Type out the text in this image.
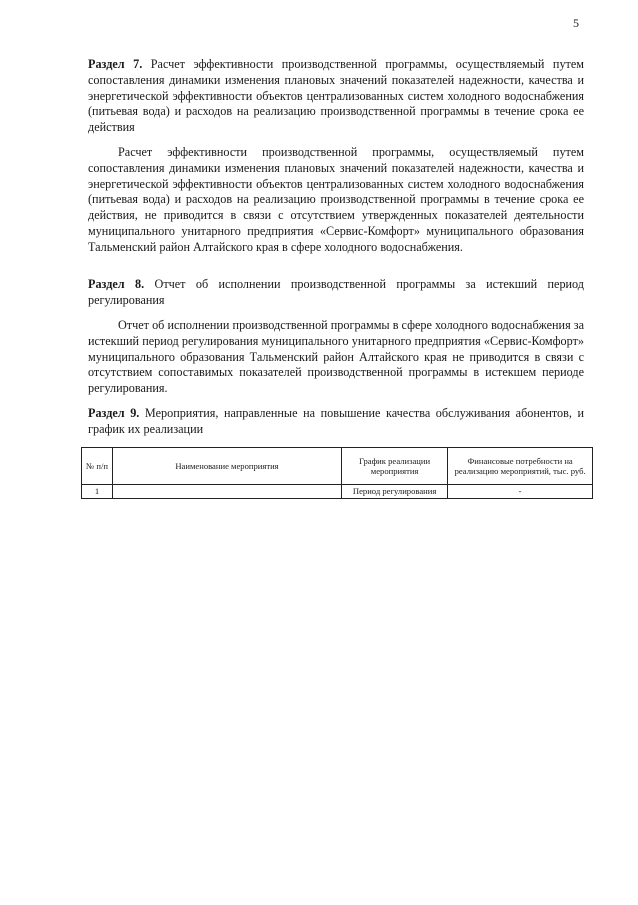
5

Раздел 7. Расчет эффективности производственной программы, осуществляемый путем сопоставления динамики изменения плановых значений показателей надежности, качества и энергетической эффективности объектов централизованных систем холодного водоснабжения (питьевая вода) и расходов на реализацию производственной программы в течение срока ее действия

Расчет эффективности производственной программы, осуществляемый путем сопоставления динамики изменения плановых значений показателей надежности, качества и энергетической эффективности объектов централизованных систем холодного водоснабжения (питьевая вода) и расходов на реализацию производственной программы в течение срока ее действия, не приводится в связи с отсутствием утвержденных показателей деятельности муниципального унитарного предприятия «Сервис-Комфорт» муниципального образования Тальменский район Алтайского края в сфере холодного водоснабжения.

Раздел 8. Отчет об исполнении производственной программы за истекший период регулирования

Отчет об исполнении производственной программы в сфере холодного водоснабжения за истекший период регулирования муниципального унитарного предприятия «Сервис-Комфорт» муниципального образования Тальменский район Алтайского края не приводится в связи с отсутствием сопоставимых показателей производственной программы в истекшем периоде регулирования.

Раздел 9. Мероприятия, направленные на повышение качества обслуживания абонентов, и график их реализации

№ п/п	Наименование мероприятия	График реализации мероприятия	Финансовые потребности на реализацию мероприятий, тыс. руб.
1		Период регулирования	-
